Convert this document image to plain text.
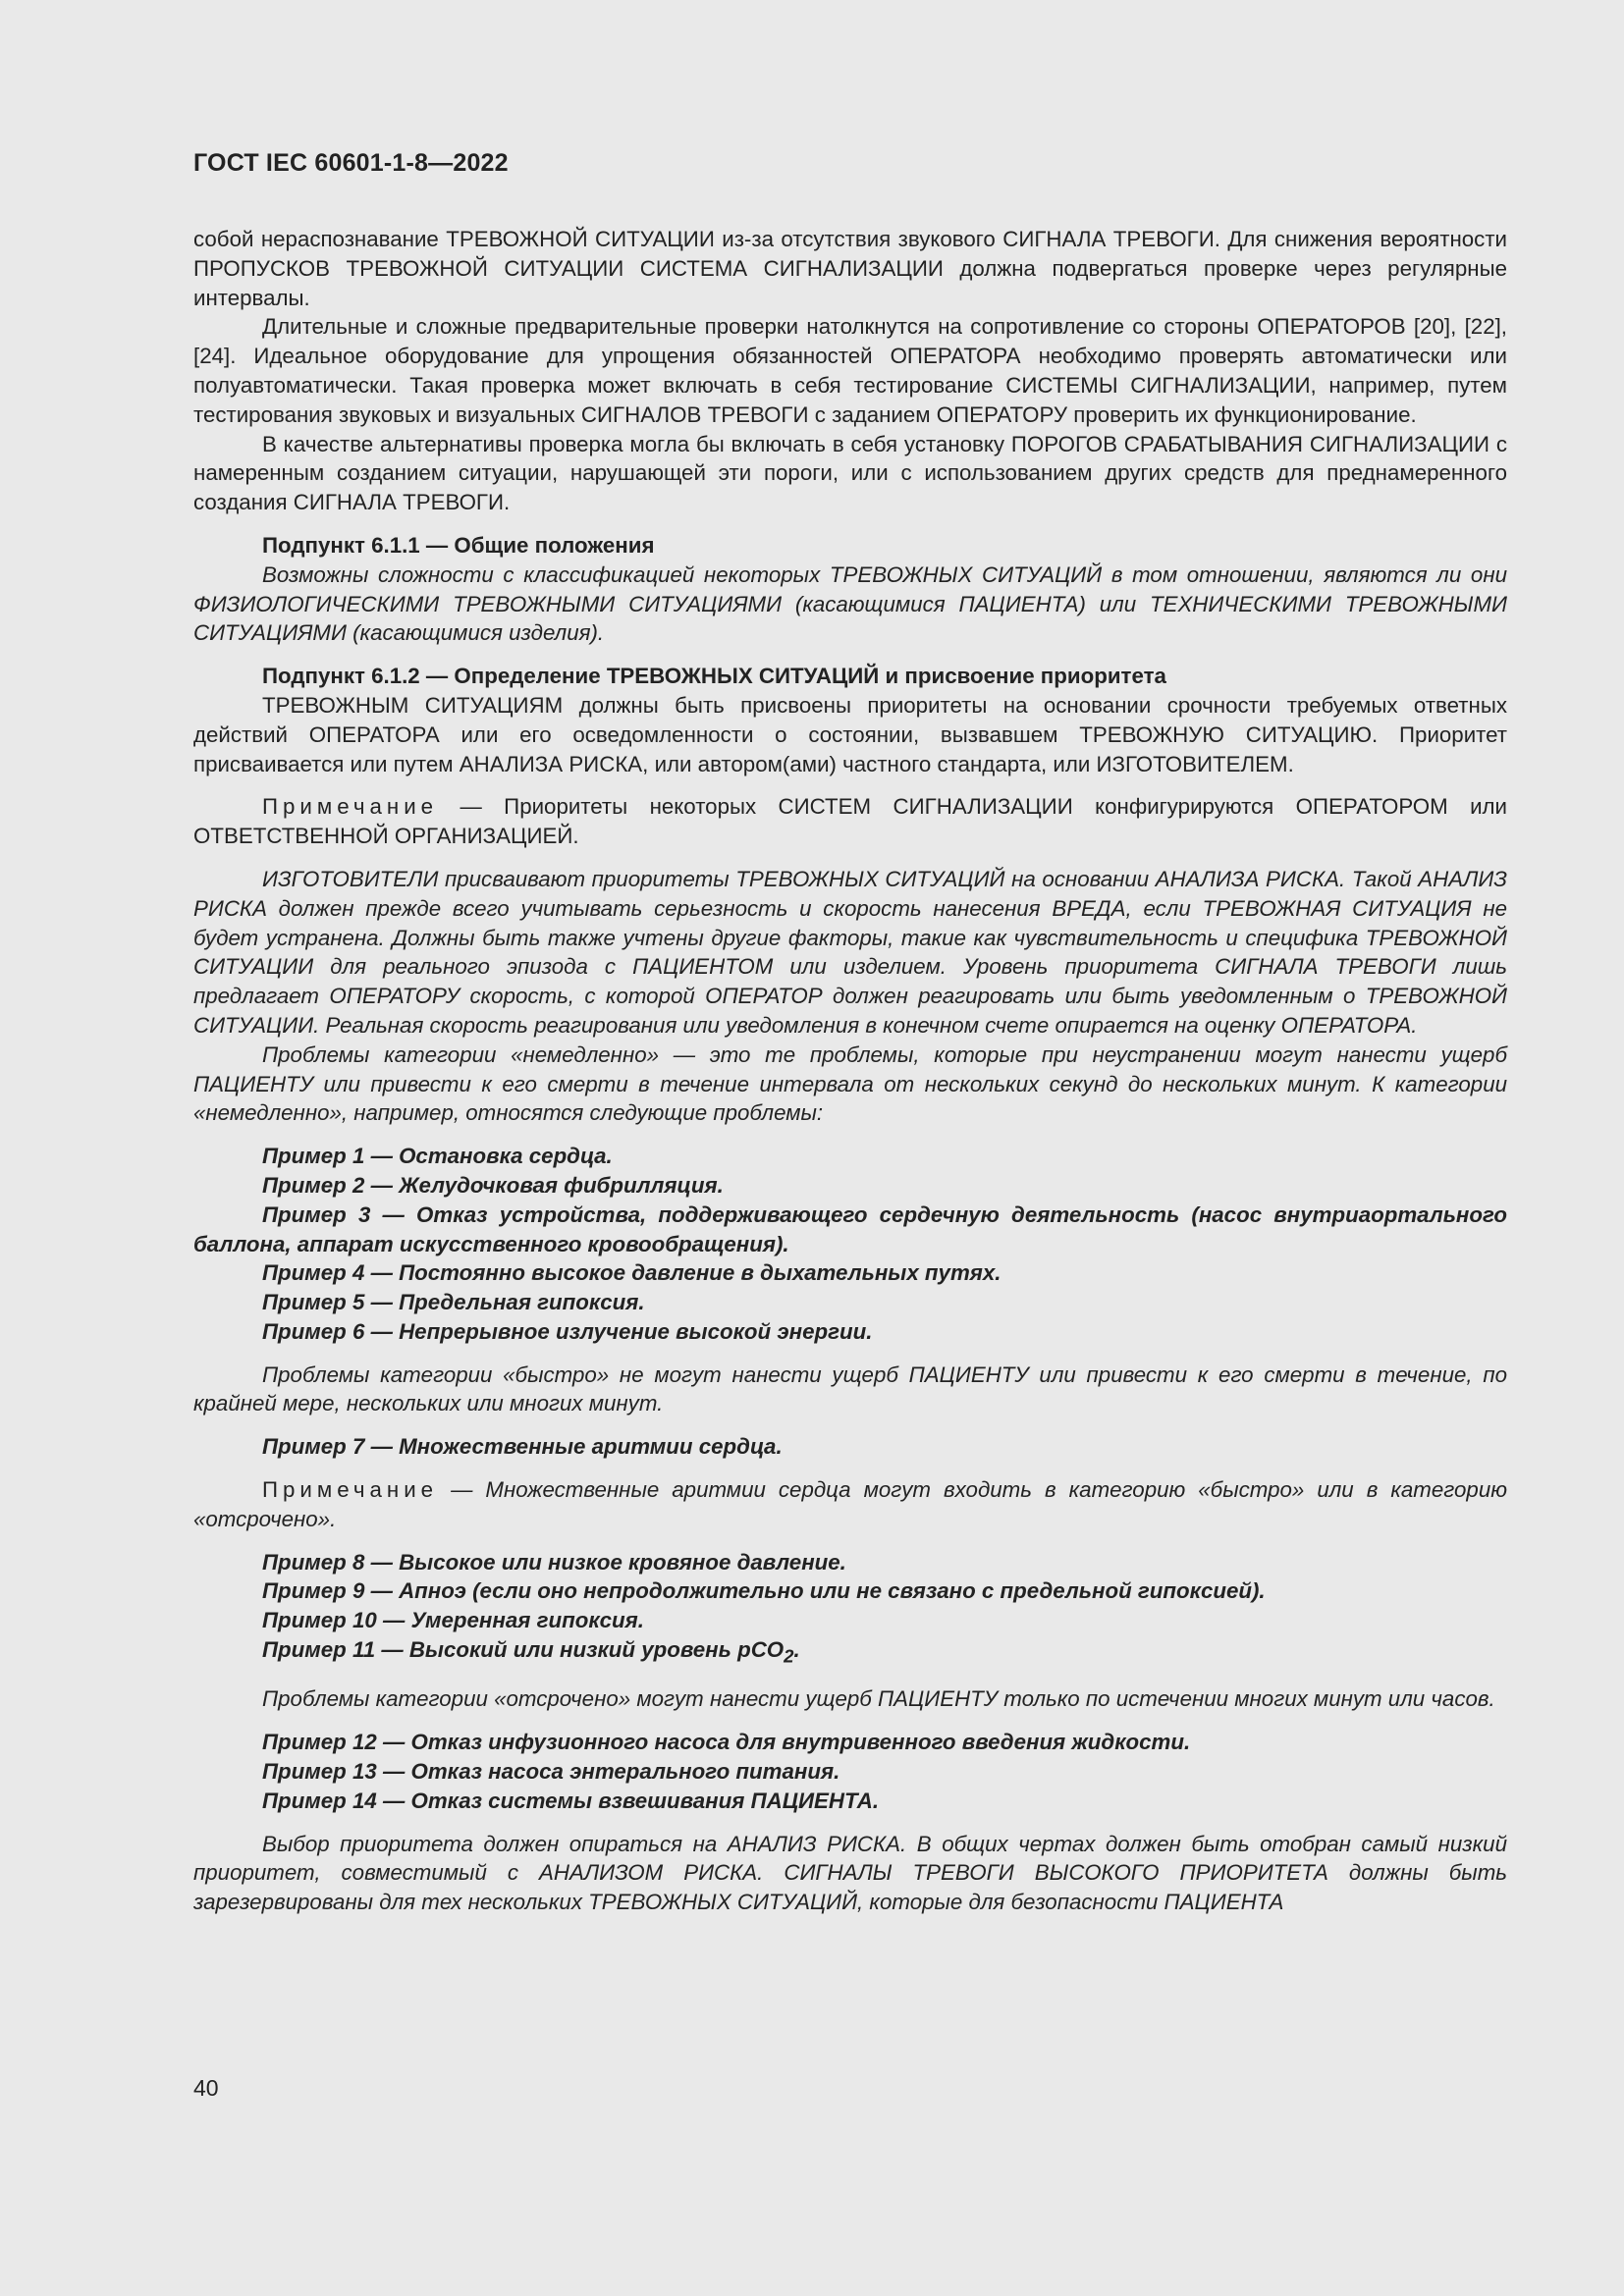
ГОСТ IEC 60601-1-8—2022

собой нераспознавание ТРЕВОЖНОЙ СИТУАЦИИ из-за отсутствия звукового СИГНАЛА ТРЕВОГИ. Для снижения вероятности ПРОПУСКОВ ТРЕВОЖНОЙ СИТУАЦИИ СИСТЕМА СИГНАЛИЗАЦИИ должна подвергаться проверке через регулярные интервалы.

Длительные и сложные предварительные проверки натолкнутся на сопротивление со стороны ОПЕРАТОРОВ [20], [22], [24]. Идеальное оборудование для упрощения обязанностей ОПЕРАТОРА необходимо проверять автоматически или полуавтоматически. Такая проверка может включать в себя тестирование СИСТЕМЫ СИГНАЛИЗАЦИИ, например, путем тестирования звуковых и визуальных СИГНАЛОВ ТРЕВОГИ с заданием ОПЕРАТОРУ проверить их функционирование.

В качестве альтернативы проверка могла бы включать в себя установку ПОРОГОВ СРАБАТЫВАНИЯ СИГНАЛИЗАЦИИ с намеренным созданием ситуации, нарушающей эти пороги, или с использованием других средств для преднамеренного создания СИГНАЛА ТРЕВОГИ.

Подпункт 6.1.1 — Общие положения

Возможны сложности с классификацией некоторых ТРЕВОЖНЫХ СИТУАЦИЙ в том отношении, являются ли они ФИЗИОЛОГИЧЕСКИМИ ТРЕВОЖНЫМИ СИТУАЦИЯМИ (касающимися ПАЦИЕНТА) или ТЕХНИЧЕСКИМИ ТРЕВОЖНЫМИ СИТУАЦИЯМИ (касающимися изделия).

Подпункт 6.1.2 — Определение ТРЕВОЖНЫХ СИТУАЦИЙ и присвоение приоритета

ТРЕВОЖНЫМ СИТУАЦИЯМ должны быть присвоены приоритеты на основании срочности требуемых ответных действий ОПЕРАТОРА или его осведомленности о состоянии, вызвавшем ТРЕВОЖНУЮ СИТУАЦИЮ. Приоритет присваивается или путем АНАЛИЗА РИСКА, или автором(ами) частного стандарта, или ИЗГОТОВИТЕЛЕМ.

Примечание — Приоритеты некоторых СИСТЕМ СИГНАЛИЗАЦИИ конфигурируются ОПЕРАТОРОМ или ОТВЕТСТВЕННОЙ ОРГАНИЗАЦИЕЙ.

ИЗГОТОВИТЕЛИ присваивают приоритеты ТРЕВОЖНЫХ СИТУАЦИЙ на основании АНАЛИЗА РИСКА. Такой АНАЛИЗ РИСКА должен прежде всего учитывать серьезность и скорость нанесения ВРЕДА, если ТРЕВОЖНАЯ СИТУАЦИЯ не будет устранена. Должны быть также учтены другие факторы, такие как чувствительность и специфика ТРЕВОЖНОЙ СИТУАЦИИ для реального эпизода с ПАЦИЕНТОМ или изделием. Уровень приоритета СИГНАЛА ТРЕВОГИ лишь предлагает ОПЕРАТОРУ скорость, с которой ОПЕРАТОР должен реагировать или быть уведомленным о ТРЕВОЖНОЙ СИТУАЦИИ. Реальная скорость реагирования или уведомления в конечном счете опирается на оценку ОПЕРАТОРА.

Проблемы категории «немедленно» — это те проблемы, которые при неустранении могут нанести ущерб ПАЦИЕНТУ или привести к его смерти в течение интервала от нескольких секунд до нескольких минут. К категории «немедленно», например, относятся следующие проблемы:

Пример 1 — Остановка сердца.

Пример 2 — Желудочковая фибрилляция.

Пример 3 — Отказ устройства, поддерживающего сердечную деятельность (насос внутриаортального баллона, аппарат искусственного кровообращения).

Пример 4 — Постоянно высокое давление в дыхательных путях.

Пример 5 — Предельная гипоксия.

Пример 6 — Непрерывное излучение высокой энергии.

Проблемы категории «быстро» не могут нанести ущерб ПАЦИЕНТУ или привести к его смерти в течение, по крайней мере, нескольких или многих минут.

Пример 7 — Множественные аритмии сердца.

Примечание — Множественные аритмии сердца могут входить в категорию «быстро» или в категорию «отсрочено».

Пример 8 — Высокое или низкое кровяное давление.

Пример 9 — Апноэ (если оно непродолжительно или не связано с предельной гипоксией).

Пример 10 — Умеренная гипоксия.

Пример 11 — Высокий или низкий уровень pCO$_2$.

Проблемы категории «отсрочено» могут нанести ущерб ПАЦИЕНТУ только по истечении многих минут или часов.

Пример 12 — Отказ инфузионного насоса для внутривенного введения жидкости.

Пример 13 — Отказ насоса энтерального питания.

Пример 14 — Отказ системы взвешивания ПАЦИЕНТА.

Выбор приоритета должен опираться на АНАЛИЗ РИСКА. В общих чертах должен быть отобран самый низкий приоритет, совместимый с АНАЛИЗОМ РИСКА. СИГНАЛЫ ТРЕВОГИ ВЫСОКОГО ПРИОРИТЕТА должны быть зарезервированы для тех нескольких ТРЕВОЖНЫХ СИТУАЦИЙ, которые для безопасности ПАЦИЕНТА

40
